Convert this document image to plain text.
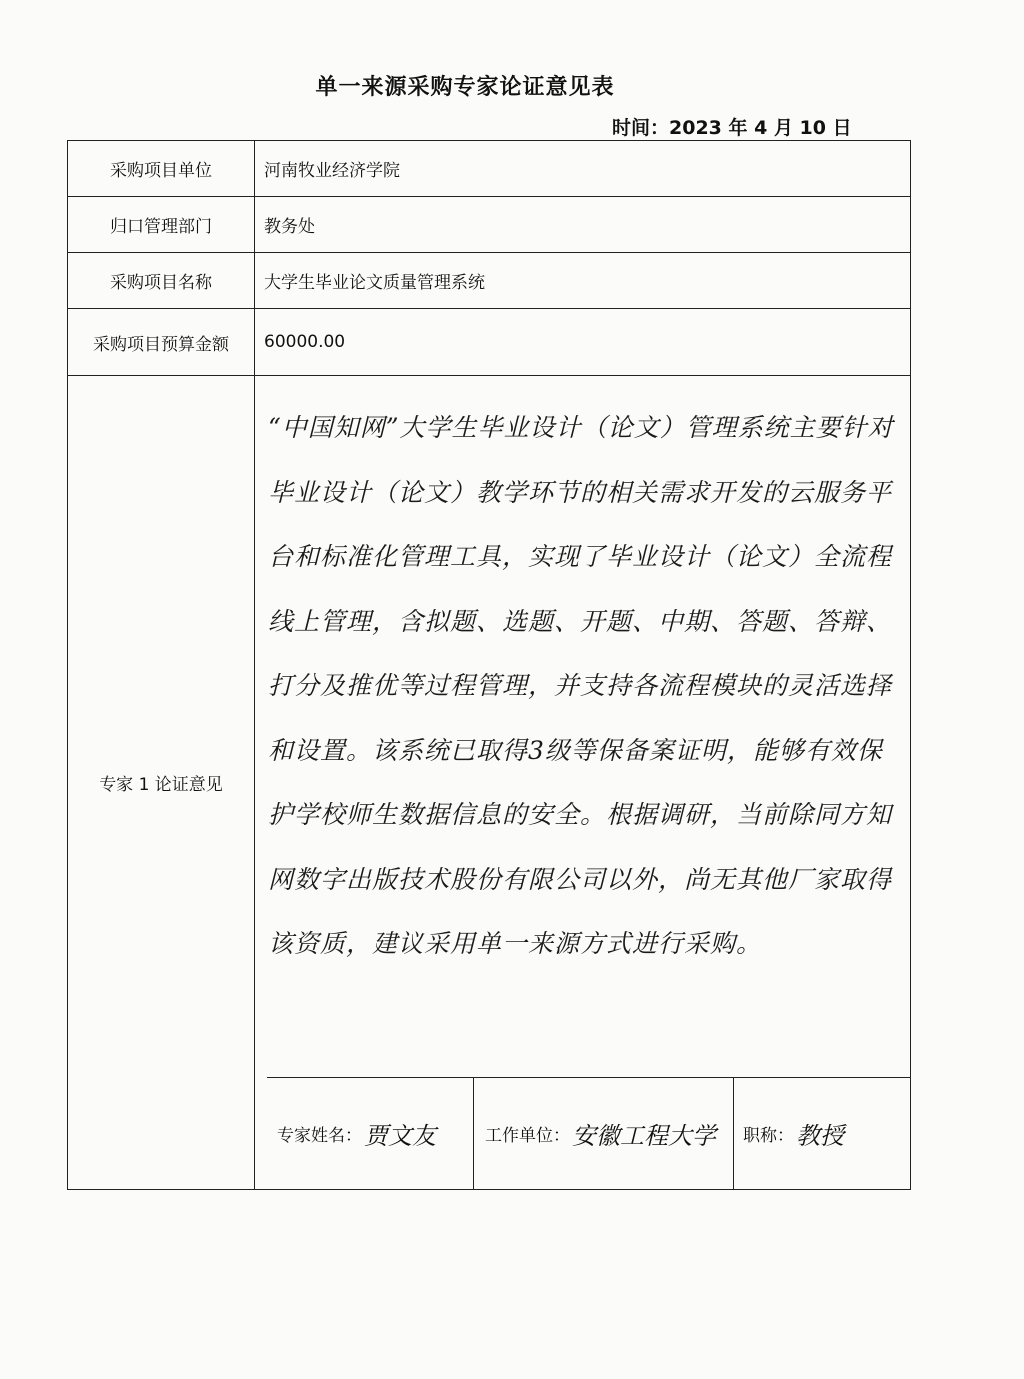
单一来源采购专家论证意见表
时间：2023 年 4 月 10 日
采购项目单位	河南牧业经济学院
归口管理部门	教务处
采购项目名称	大学生毕业论文质量管理系统
采购项目预算金额	60000.00
专家 1 论证意见
“中国知网”大学生毕业设计（论文）管理系统主要针对毕业设计（论文）教学环节的相关需求开发的云服务平台和标准化管理工具，实现了毕业设计（论文）全流程线上管理，含拟题、选题、开题、中期、答题、答辩、打分及推优等过程管理，并支持各流程模块的灵活选择和设置。该系统已取得3级等保备案证明，能够有效保护学校师生数据信息的安全。根据调研，当前除同方知网数字出版技术股份有限公司以外，尚无其他厂家取得该资质，建议采用单一来源方式进行采购。
专家姓名： 贾文友	工作单位： 安徽工程大学 职称： 教授
